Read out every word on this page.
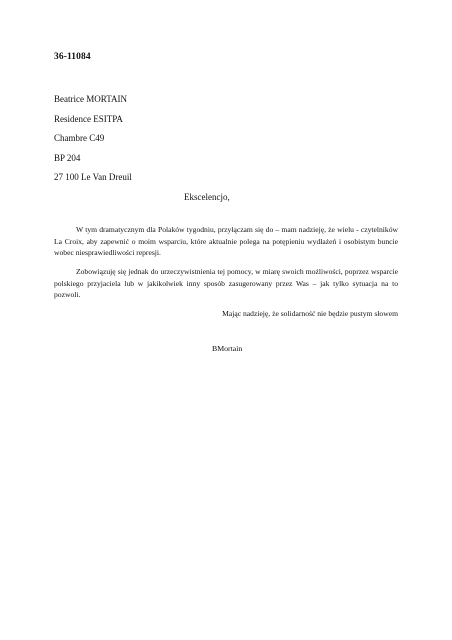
36-11084
Beatrice MORTAIN
Residence ESITPA
Chambre C49
BP 204
27 100 Le Van Dreuil
Ekscelencjo,

W tym dramatycznym dla Polaków tygodniu, przyłączam się do – mam nadzieję, że wielu - czytelników La Croix, aby zapewnić o moim wsparciu, które aktualnie polega na potępieniu wydłażeń i osobistym buncie wobec niesprawiedliwości represji.

Zobowiązuję się jednak do urzeczywistnienia tej pomocy, w miarę swoich możliwości, poprzez wsparcie polskiego przyjaciela lub w jakikolwiek inny sposób zasugerowany przez Was – jak tylko sytuacja na to pozwoli.

Mając nadzieję, że solidarność nie będzie pustym słowem
BMortain
